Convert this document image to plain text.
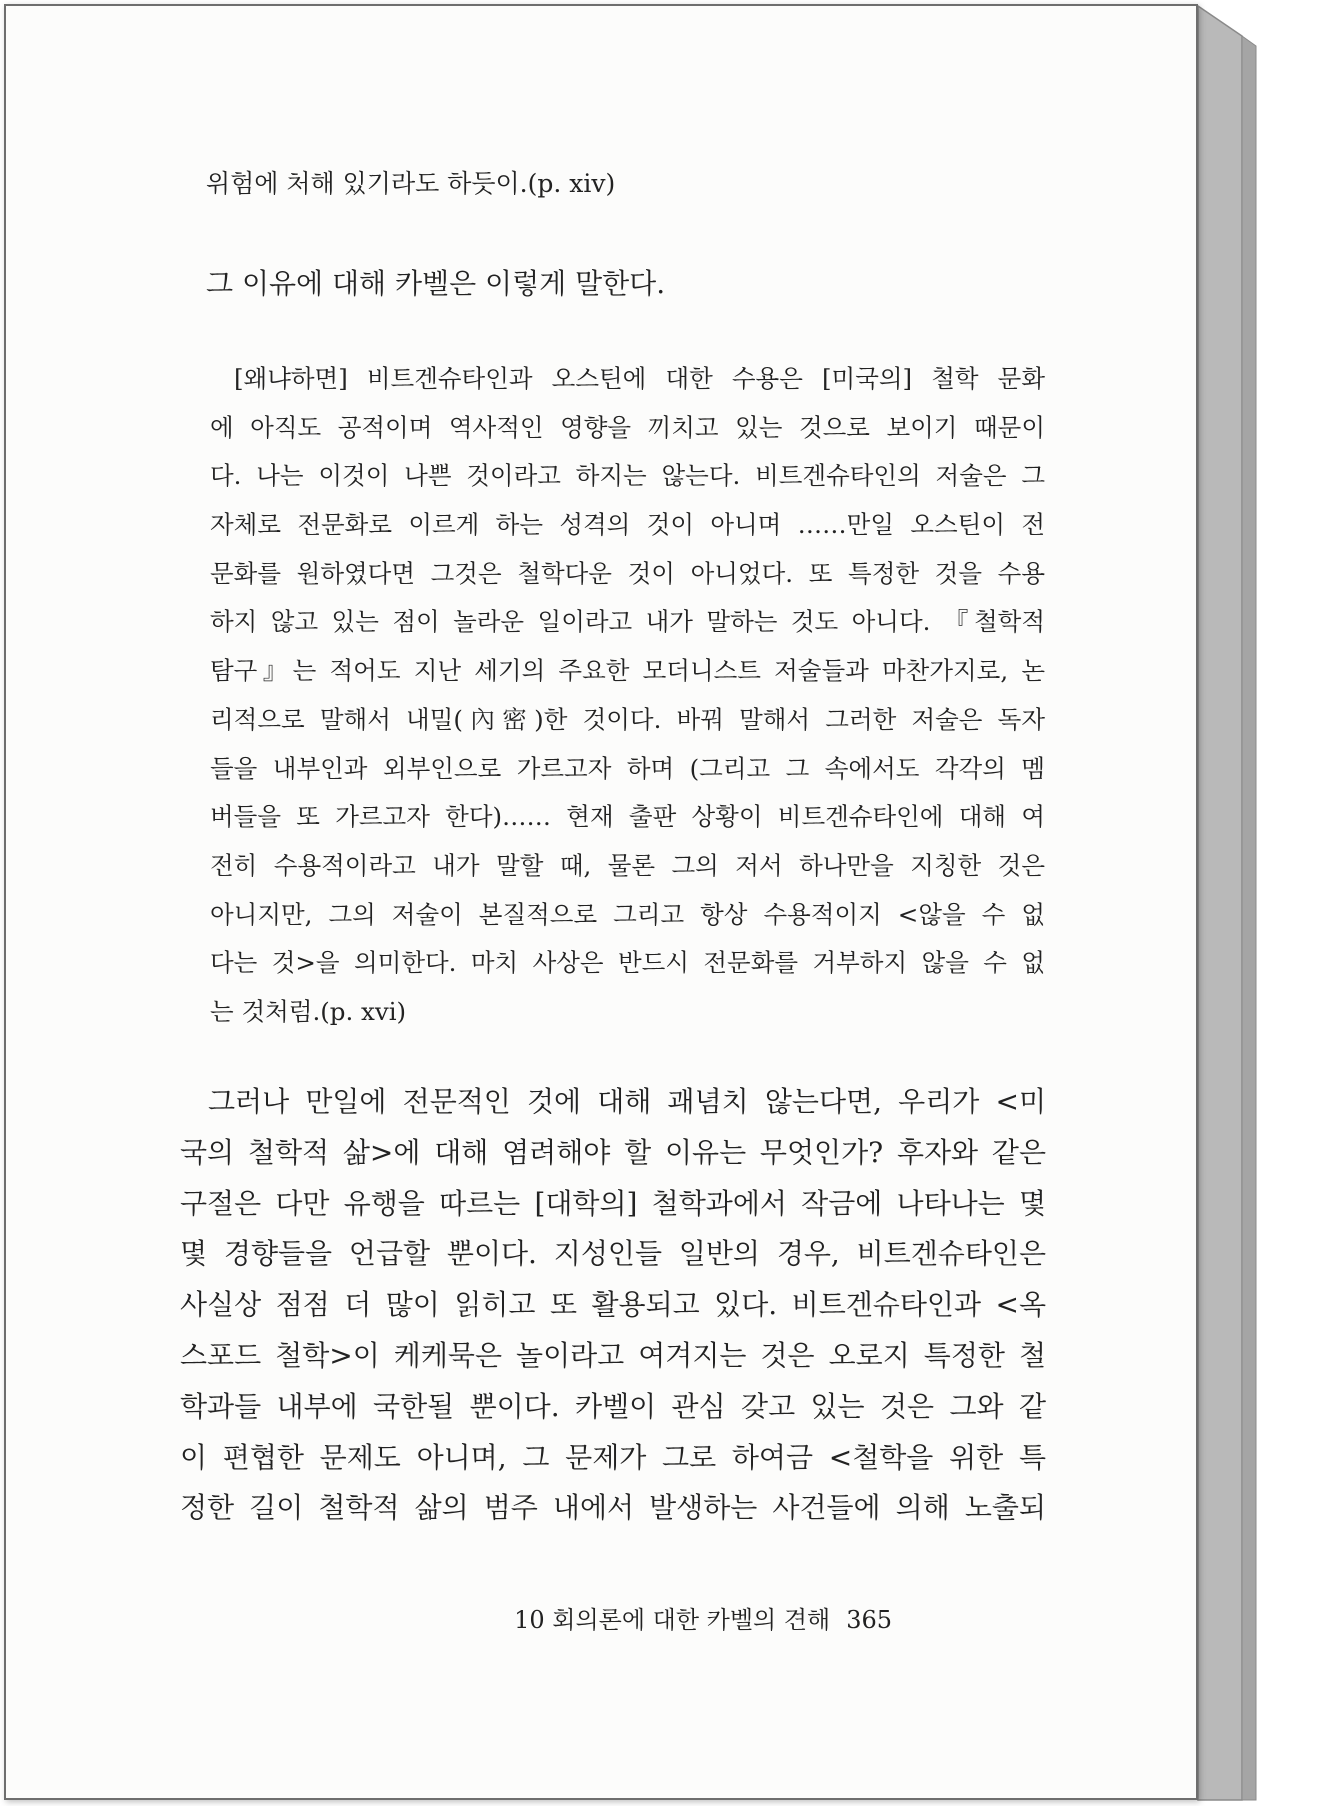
위험에 처해 있기라도 하듯이.(p. xiv)
그 이유에 대해 카벨은 이렇게 말한다.
[왜냐하면] 비트겐슈타인과 오스틴에 대한 수용은 [미국의] 철학 문화
에 아직도 공적이며 역사적인 영향을 끼치고 있는 것으로 보이기 때문이
다. 나는 이것이 나쁜 것이라고 하지는 않는다. 비트겐슈타인의 저술은 그
자체로 전문화로 이르게 하는 성격의 것이 아니며 ……만일 오스틴이 전
문화를 원하였다면 그것은 철학다운 것이 아니었다. 또 특정한 것을 수용
하지 않고 있는 점이 놀라운 일이라고 내가 말하는 것도 아니다. 『철학적
탐구』는 적어도 지난 세기의 주요한 모더니스트 저술들과 마찬가지로, 논
리적으로 말해서 내밀(內密)한 것이다. 바꿔 말해서 그러한 저술은 독자
들을 내부인과 외부인으로 가르고자 하며 (그리고 그 속에서도 각각의 멤
버들을 또 가르고자 한다)…… 현재 출판 상황이 비트겐슈타인에 대해 여
전히 수용적이라고 내가 말할 때, 물론 그의 저서 하나만을 지칭한 것은
아니지만, 그의 저술이 본질적으로 그리고 항상 수용적이지 <않을 수 없
다는 것>을 의미한다. 마치 사상은 반드시 전문화를 거부하지 않을 수 없
는 것처럼.(p. xvi)
그러나 만일에 전문적인 것에 대해 괘념치 않는다면, 우리가 <미
국의 철학적 삶>에 대해 염려해야 할 이유는 무엇인가? 후자와 같은
구절은 다만 유행을 따르는 [대학의] 철학과에서 작금에 나타나는 몇
몇 경향들을 언급할 뿐이다. 지성인들 일반의 경우, 비트겐슈타인은
사실상 점점 더 많이 읽히고 또 활용되고 있다. 비트겐슈타인과 <옥
스포드 철학>이 케케묵은 놀이라고 여겨지는 것은 오로지 특정한 철
학과들 내부에 국한될 뿐이다. 카벨이 관심 갖고 있는 것은 그와 같
이 편협한 문제도 아니며, 그 문제가 그로 하여금 <철학을 위한 특
정한 길이 철학적 삶의 범주 내에서 발생하는 사건들에 의해 노출되
10 회의론에 대한 카벨의 견해 365
